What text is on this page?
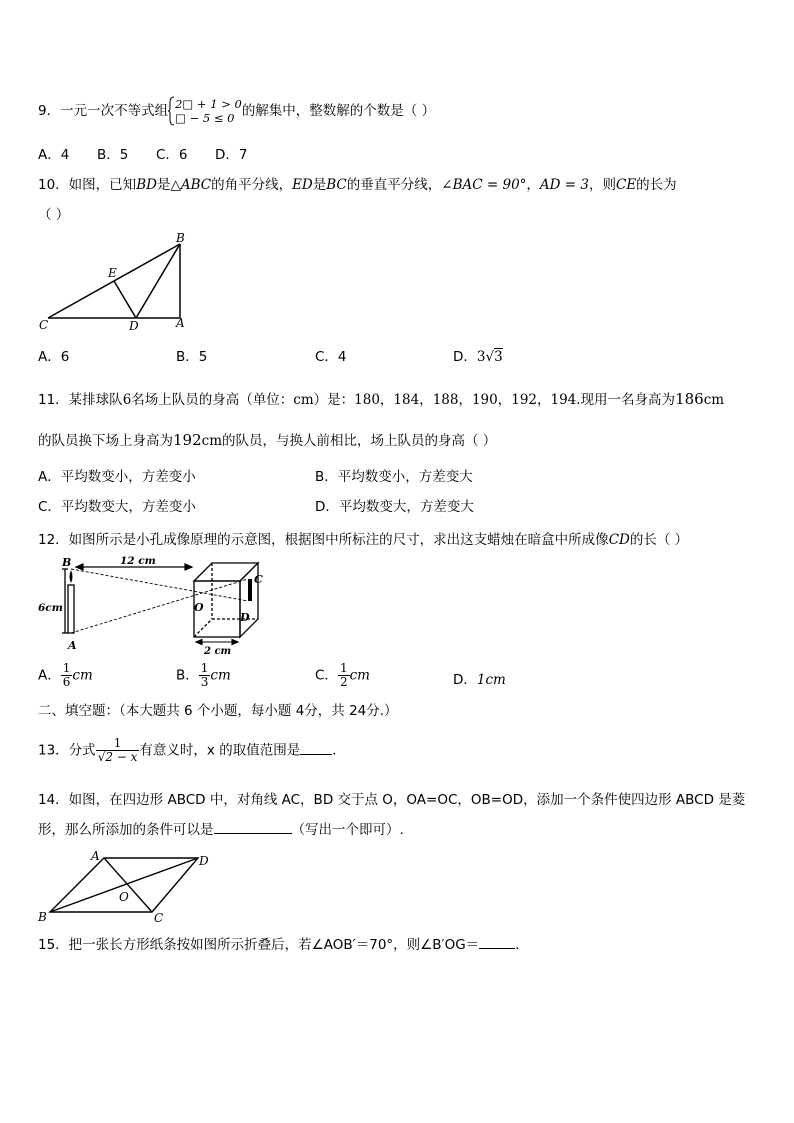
9．一元一次不等式组 2□ + 1 > 0
□ − 5 ≤ 0 的解集中，整数解的个数是（ ）
A．4 B．5 C．6 D．7
10．如图，已知BD是△ABC的角平分线，ED是BC的垂直平分线，∠BAC = 90°，AD = 3，则CE的长为
（ ）
B
E
C	D	A
A．6	B．5	C．4	D．3√3
11．某排球队6名场上队员的身高（单位：cm）是：180，184，188，190，192，194.现用一名身高为186cm
的队员换下场上身高为192cm的队员，与换人前相比，场上队员的身高（ ）
A．平均数变小，方差变小	B．平均数变小，方差变大
C．平均数变大，方差变小	D．平均数变大，方差变大
12．如图所示是小孔成像原理的示意图，根据图中所标注的尺寸，求出这支蜡烛在暗盒中所成像CD的长（ ）
12 cm
6cm
B
A
O
C
D
2 cm
A． $\frac{1}{6}$ cm	B． $\frac{1}{3}$ cm	C． $\frac{1}{2}$ cm	D．1cm
二、填空题：（本大题共 6 个小题，每小题 4分，共 24分.）
13．分式 $\frac{1}{√2 - x}$ 有意义时，x 的取值范围是 ．
14．如图，在四边形 ABCD 中，对角线 AC，BD 交于点 O，OA=OC，OB=OD，添加一个条件使四边形 ABCD 是菱
形，那么所添加的条件可以是	（写出一个即可）.
A	D
O
B	C
15．把一张长方形纸条按如图所示折叠后，若∠AOB′＝70°，则∠B′OG＝	．
